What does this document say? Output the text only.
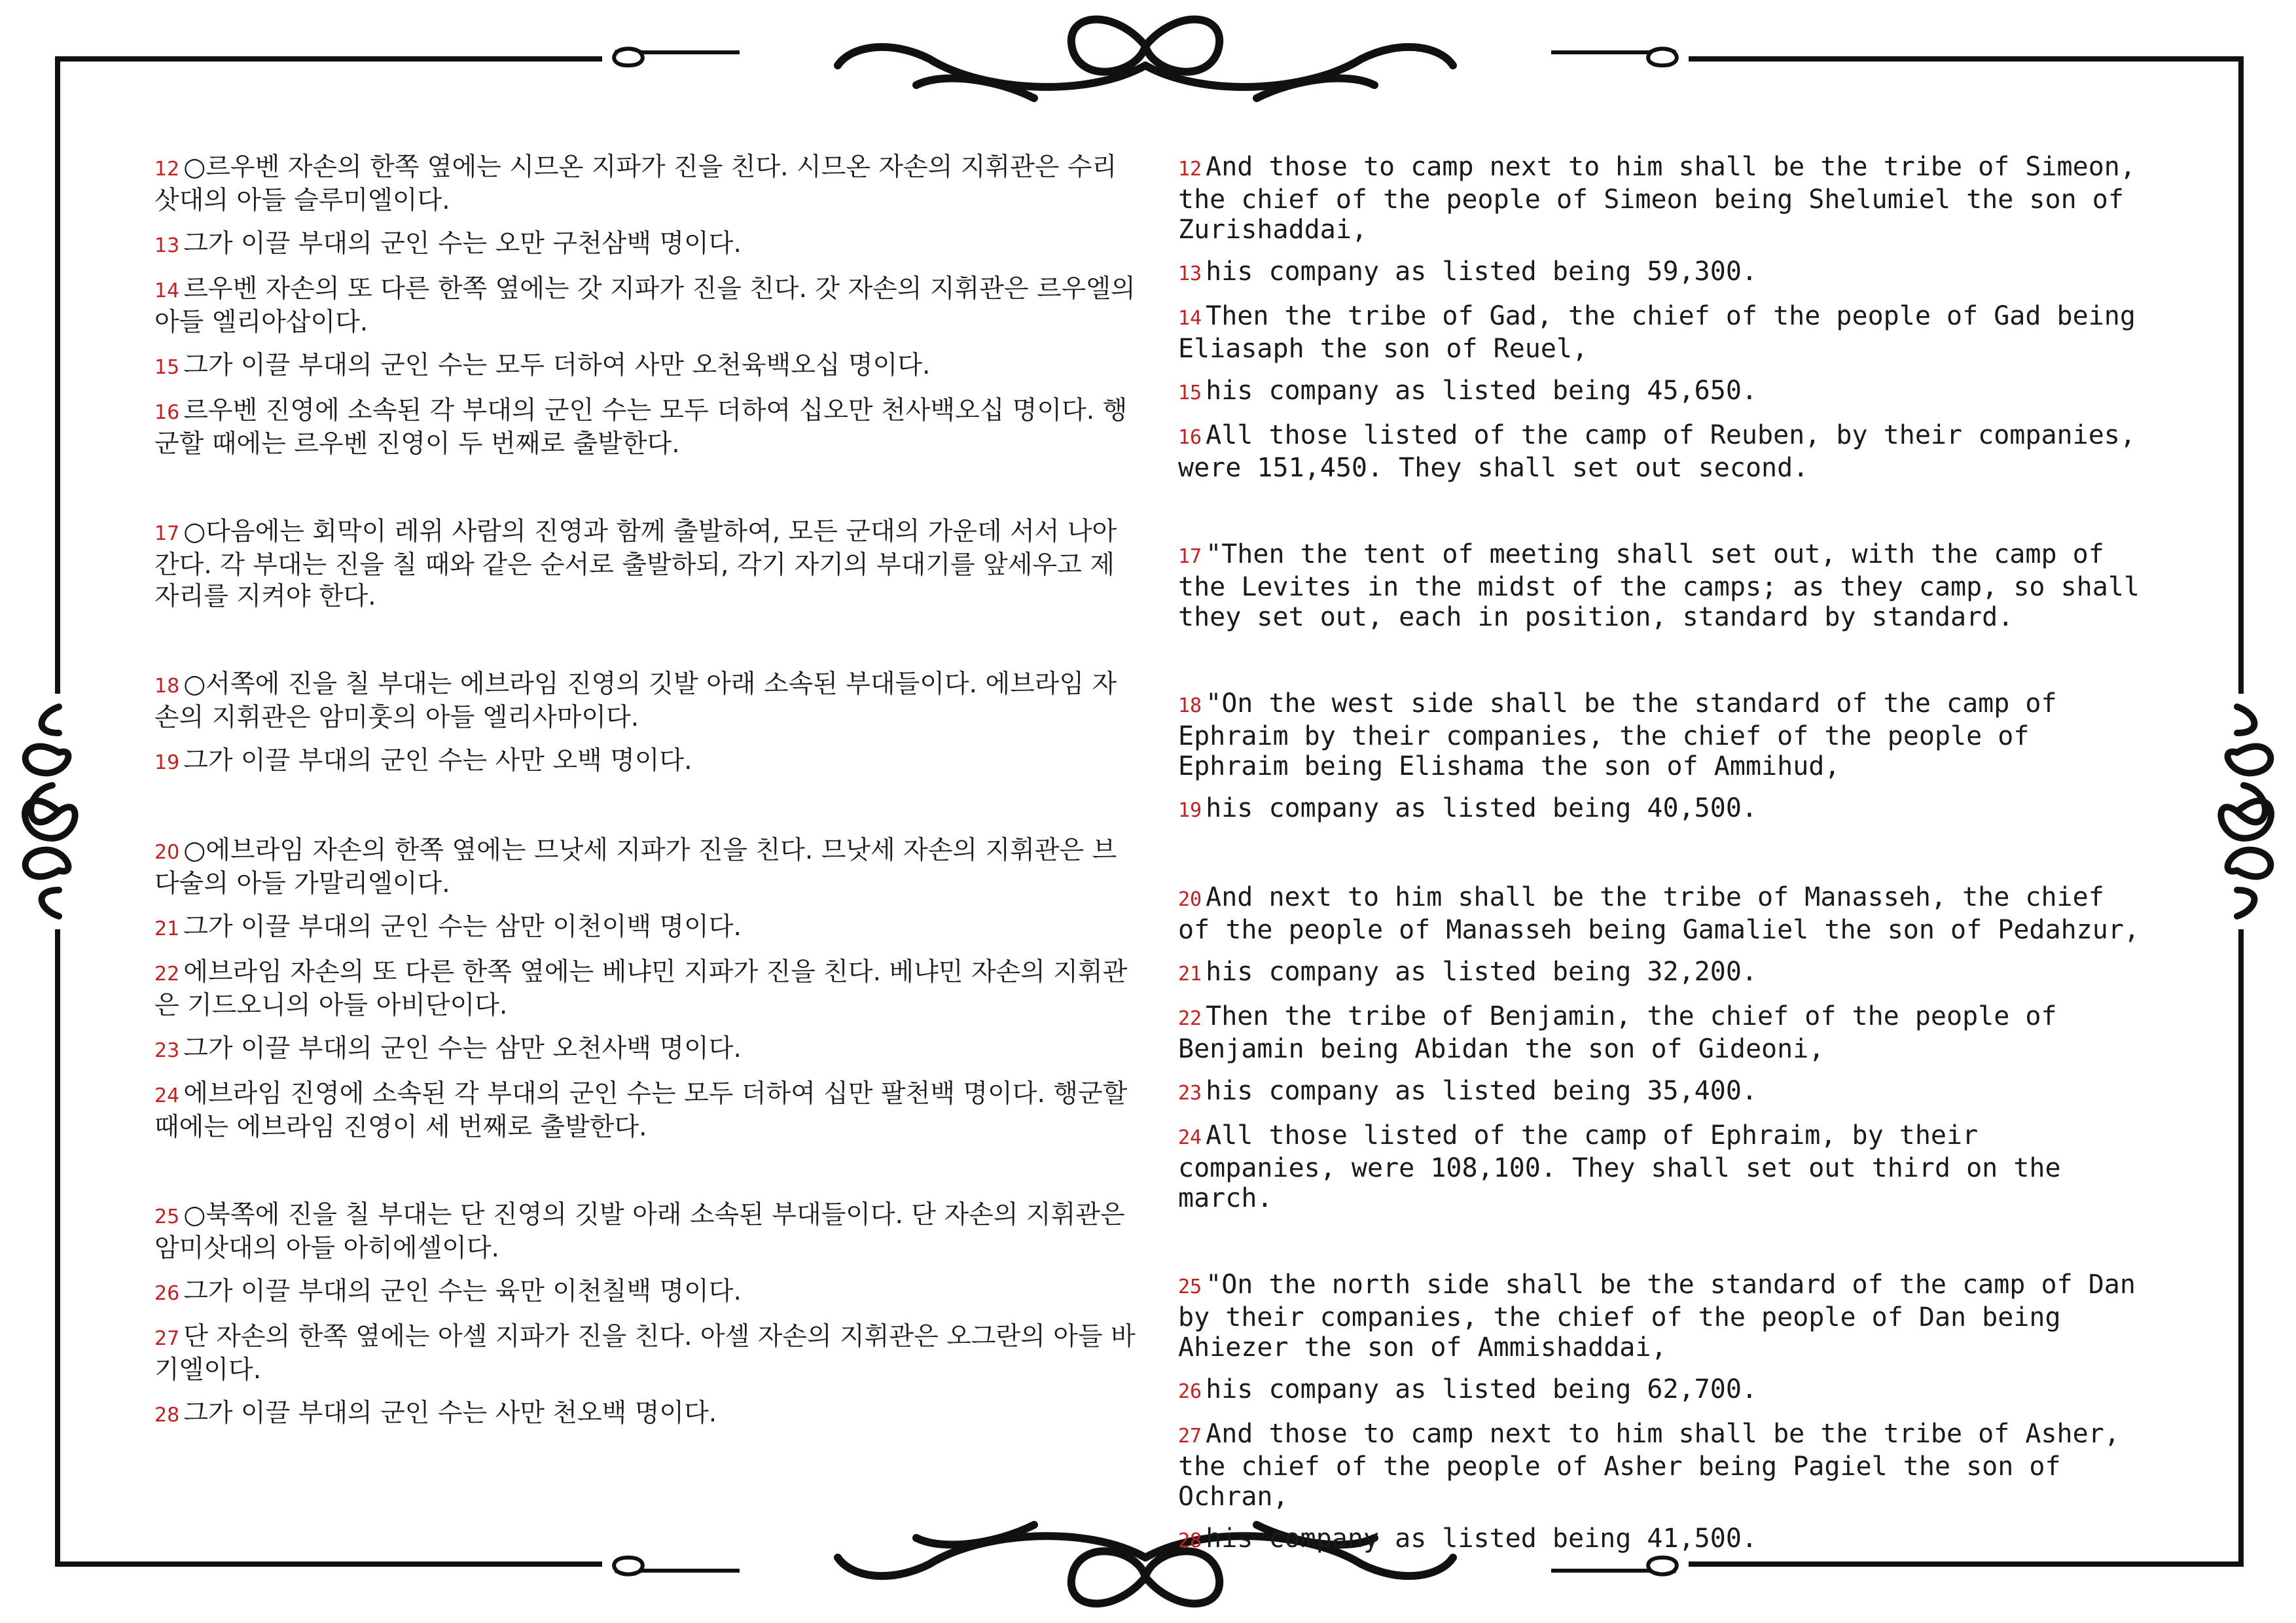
12 ○르우벤 자손의 한쪽 옆에는 시므온 지파가 진을 친다. 시므온 자손의 지휘관은 수리삿대의 아들 슬루미엘이다.

13 그가 이끌 부대의 군인 수는 오만 구천삼백 명이다.

14 르우벤 자손의 또 다른 한쪽 옆에는 갓 지파가 진을 친다. 갓 자손의 지휘관은 르우엘의 아들 엘리아삽이다.

15 그가 이끌 부대의 군인 수는 모두 더하여 사만 오천육백오십 명이다.

16 르우벤 진영에 소속된 각 부대의 군인 수는 모두 더하여 십오만 천사백오십 명이다. 행군할 때에는 르우벤 진영이 두 번째로 출발한다.

17 ○다음에는 회막이 레위 사람의 진영과 함께 출발하여, 모든 군대의 가운데 서서 나아간다. 각 부대는 진을 칠 때와 같은 순서로 출발하되, 각기 자기의 부대기를 앞세우고 제자리를 지켜야 한다.

18 ○서쪽에 진을 칠 부대는 에브라임 진영의 깃발 아래 소속된 부대들이다. 에브라임 자손의 지휘관은 암미훗의 아들 엘리사마이다.

19 그가 이끌 부대의 군인 수는 사만 오백 명이다.

20 ○에브라임 자손의 한쪽 옆에는 므낫세 지파가 진을 친다. 므낫세 자손의 지휘관은 브다술의 아들 가말리엘이다.

21 그가 이끌 부대의 군인 수는 삼만 이천이백 명이다.

22 에브라임 자손의 또 다른 한쪽 옆에는 베냐민 지파가 진을 친다. 베냐민 자손의 지휘관은 기드오니의 아들 아비단이다.

23 그가 이끌 부대의 군인 수는 삼만 오천사백 명이다.

24 에브라임 진영에 소속된 각 부대의 군인 수는 모두 더하여 십만 팔천백 명이다. 행군할 때에는 에브라임 진영이 세 번째로 출발한다.

25 ○북쪽에 진을 칠 부대는 단 진영의 깃발 아래 소속된 부대들이다. 단 자손의 지휘관은 암미삿대의 아들 아히에셀이다.

26 그가 이끌 부대의 군인 수는 육만 이천칠백 명이다.

27 단 자손의 한쪽 옆에는 아셀 지파가 진을 친다. 아셀 자손의 지휘관은 오그란의 아들 바기엘이다.

28 그가 이끌 부대의 군인 수는 사만 천오백 명이다.

12 And those to camp next to him shall be the tribe of Simeon, the chief of the people of Simeon being Shelumiel the son of Zurishaddai,

13 his company as listed being 59,300.

14 Then the tribe of Gad, the chief of the people of Gad being Eliasaph the son of Reuel,

15 his company as listed being 45,650.

16 All those listed of the camp of Reuben, by their companies, were 151,450. They shall set out second.

17 "Then the tent of meeting shall set out, with the camp of the Levites in the midst of the camps; as they camp, so shall they set out, each in position, standard by standard.

18 "On the west side shall be the standard of the camp of Ephraim by their companies, the chief of the people of Ephraim being Elishama the son of Ammihud,

19 his company as listed being 40,500.

20 And next to him shall be the tribe of Manasseh, the chief of the people of Manasseh being Gamaliel the son of Pedahzur,

21 his company as listed being 32,200.

22 Then the tribe of Benjamin, the chief of the people of Benjamin being Abidan the son of Gideoni,

23 his company as listed being 35,400.

24 All those listed of the camp of Ephraim, by their companies, were 108,100. They shall set out third on the march.

25 "On the north side shall be the standard of the camp of Dan by their companies, the chief of the people of Dan being Ahiezer the son of Ammishaddai,

26 his company as listed being 62,700.

27 And those to camp next to him shall be the tribe of Asher, the chief of the people of Asher being Pagiel the son of Ochran,

28 his company as listed being 41,500.
